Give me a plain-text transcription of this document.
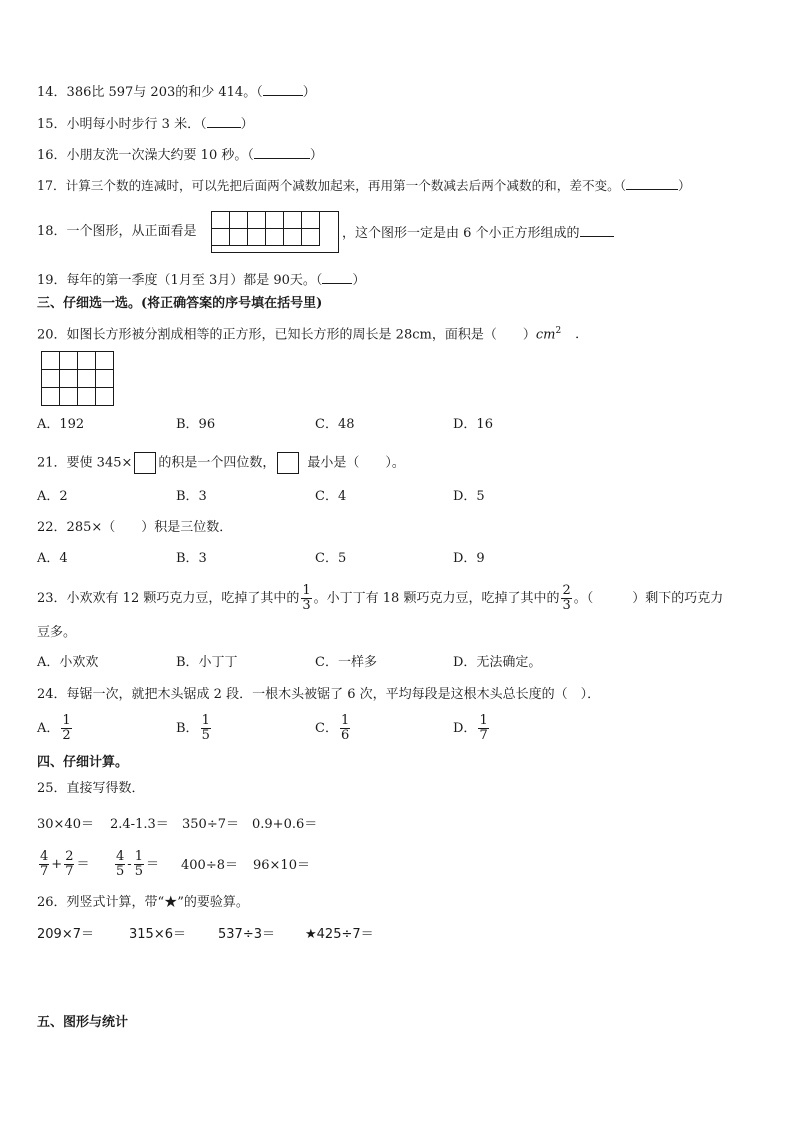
14．386比 597与 203的和少 414。（	）
15．小明每小时步行 3 米．（	）
16．小朋友洗一次澡大约要 10 秒。（	）
17．计算三个数的连减时，可以先把后面两个减数加起来，再用第一个数减去后两个减数的和，差不变。（	）
18．一个图形，从正面看是	，这个图形一定是由 6 个小正方形组成的
19．每年的第一季度（1月至 3月）都是 90天。（ ）
三、仔细选一选。(将正确答案的序号填在括号里)
20．如图长方形被分割成相等的正方形，已知长方形的周长是 28cm，面积是（　　）$cm^2$ ．
A．192	B．96	C．48	D．16
21．要使 345× 的积是一个四位数， 最小是（　　）。
A．2	B．3	C．4	D．5
22．285×（　　）积是三位数．
A．4	B．3	C．5	D．9
23．小欢欢有 12 颗巧克力豆，吃掉了其中的 $\frac{1}{3}$ 。小丁丁有 18 颗巧克力豆，吃掉了其中的 $\frac{2}{3}$ 。（　　　）剩下的巧克力
豆多。
A．小欢欢	B．小丁丁	C．一样多	D．无法确定。
24．每锯一次，就把木头锯成 2 段．一根木头被锯了 6 次，平均每段是这根木头总长度的（　）．
A． $\frac{1}{2}$	B． $\frac{1}{5}$	C． $\frac{1}{6}$	D． $\frac{1}{7}$
四、仔细计算。
25．直接写得数．
30×40＝ 2.4-1.3＝ 350÷7＝ 0.9+0.6＝
$\frac{4}{7} + \frac{2}{7} = \frac{4}{5} - \frac{1}{5} = 400\div 8= 96\times 10=$
26．列竖式计算，带“★”的要验算。
209×7＝	315×6＝ 537÷3＝ ★425÷7＝
五、图形与统计
